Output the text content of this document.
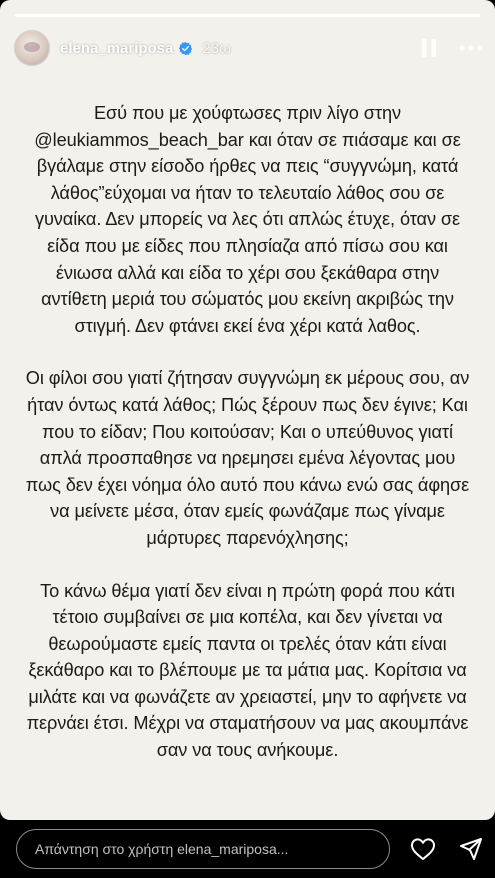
elena_mariposa 23ω

Εσύ που με χούφτωσες πριν λίγο στην
@leukiammos_beach_bar και όταν σε πιάσαμε και σε βγάλαμε στην είσοδο ήρθες να πεις “συγγνώμη, κατά λάθος”εύχομαι να ήταν το τελευταίο λάθος σου σε γυναίκα. Δεν μπορείς να λες ότι απλώς έτυχε, όταν σε είδα που με είδες που πλησίαζα από πίσω σου και ένιωσα αλλά και είδα το χέρι σου ξεκάθαρα στην αντίθετη μεριά του σώματός μου εκείνη ακριβώς την στιγμή. Δεν φτάνει εκεί ένα χέρι κατά λαθος.

Οι φίλοι σου γιατί ζήτησαν συγγνώμη εκ μέρους σου, αν ήταν όντως κατά λάθος; Πώς ξέρουν πως δεν έγινε; Και που το είδαν; Που κοιτούσαν; Και ο υπεύθυνος γιατί απλά προσπαθησε να ηρεμησει εμένα λέγοντας μου πως δεν έχει νόημα όλο αυτό που κάνω ενώ σας άφησε να μείνετε μέσα, όταν εμείς φωνάζαμε πως γίναμε μάρτυρες παρενόχλησης;

Το κάνω θέμα γιατί δεν είναι η πρώτη φορά που κάτι τέτοιο συμβαίνει σε μια κοπέλα, και δεν γίνεται να θεωρούμαστε εμείς παντα οι τρελές όταν κάτι είναι ξεκάθαρο και το βλέπουμε με τα μάτια μας. Κορίτσια να μιλάτε και να φωνάζετε αν χρειαστεί, μην το αφήνετε να περνάει έτσι. Μέχρι να σταματήσουν να μας ακουμπάνε σαν να τους ανήκουμε.

Απάντηση στο χρήστη elena_mariposa...
